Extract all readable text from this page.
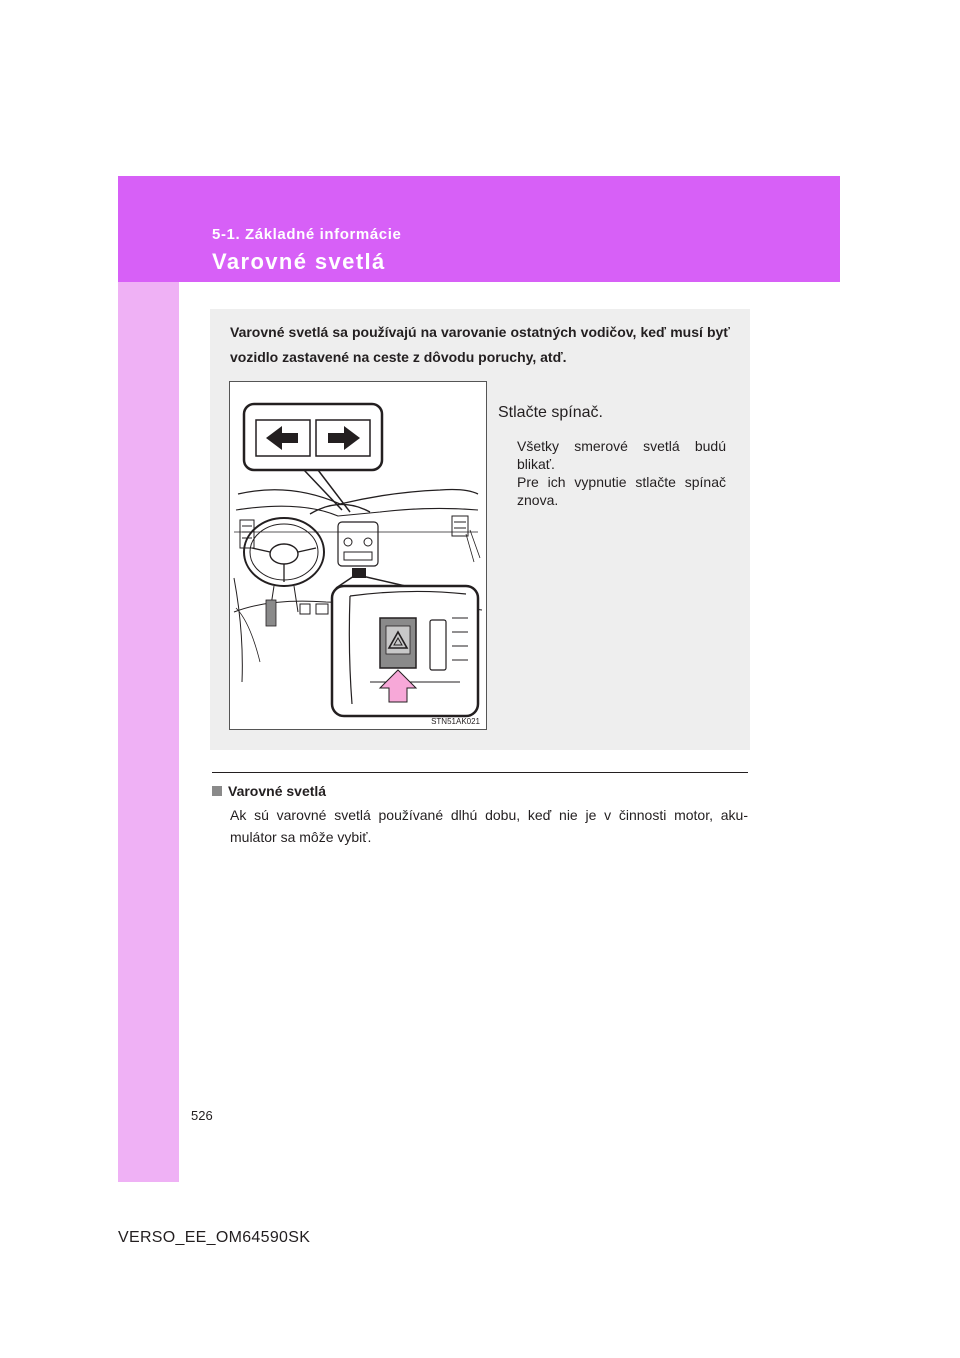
5-1. Základné informácie
Varovné svetlá
Varovné svetlá sa používajú na varovanie ostatných vodičov, keď musí byť vozidlo zastavené na ceste z dôvodu poruchy, atď.
STN51AK021
Stlačte spínač.
Všetky smerové svetlá budú
blikať.
Pre ich vypnutie stlačte spínač
znova.
Varovné svetlá
Ak sú varovné svetlá používané dlhú dobu, keď nie je v činnosti motor, aku-
mulátor sa môže vybiť.
526
VERSO_EE_OM64590SK
